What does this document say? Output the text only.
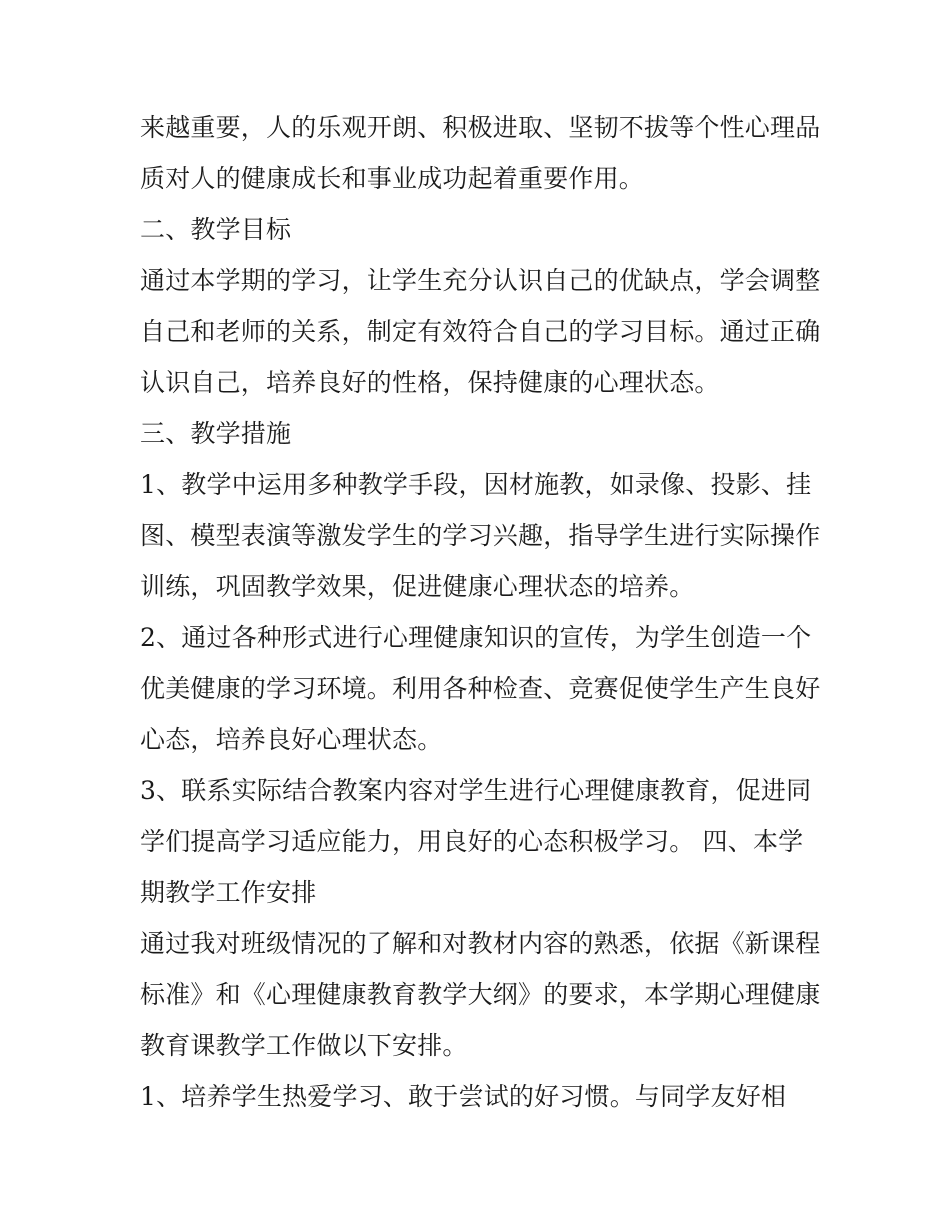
来越重要，人的乐观开朗、积极进取、坚韧不拔等个性心理品
质对人的健康成长和事业成功起着重要作用。
二、教学目标
通过本学期的学习，让学生充分认识自己的优缺点，学会调整
自己和老师的关系，制定有效符合自己的学习目标。通过正确
认识自己，培养良好的性格，保持健康的心理状态。
三、教学措施
1、教学中运用多种教学手段，因材施教，如录像、投影、挂
图、模型表演等激发学生的学习兴趣，指导学生进行实际操作
训练，巩固教学效果，促进健康心理状态的培养。
2、通过各种形式进行心理健康知识的宣传，为学生创造一个
优美健康的学习环境。利用各种检查、竞赛促使学生产生良好
心态，培养良好心理状态。
3、联系实际结合教案内容对学生进行心理健康教育，促进同
学们提高学习适应能力，用良好的心态积极学习。 四、本学
期教学工作安排
通过我对班级情况的了解和对教材内容的熟悉，依据《新课程
标准》和《心理健康教育教学大纲》的要求，本学期心理健康
教育课教学工作做以下安排。
1、培养学生热爱学习、敢于尝试的好习惯。与同学友好相
